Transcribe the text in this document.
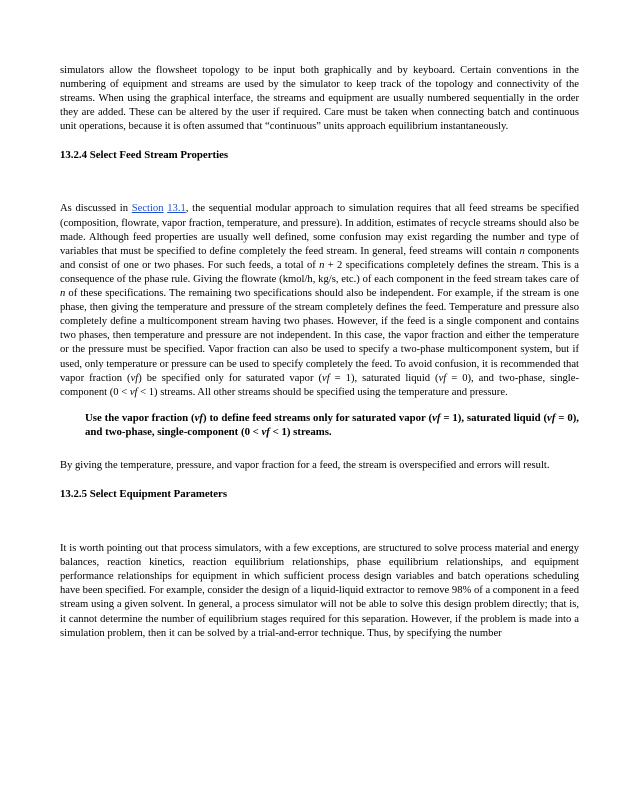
simulators allow the flowsheet topology to be input both graphically and by keyboard. Certain conventions in the numbering of equipment and streams are used by the simulator to keep track of the topology and connectivity of the streams. When using the graphical interface, the streams and equipment are usually numbered sequentially in the order they are added. These can be altered by the user if required. Care must be taken when connecting batch and continuous unit operations, because it is often assumed that “continuous” units approach equilibrium instantaneously.

13.2.4 Select Feed Stream Properties

As discussed in Section 13.1, the sequential modular approach to simulation requires that all feed streams be specified (composition, flowrate, vapor fraction, temperature, and pressure). In addition, estimates of recycle streams should also be made. Although feed properties are usually well defined, some confusion may exist regarding the number and type of variables that must be specified to define completely the feed stream. In general, feed streams will contain n components and consist of one or two phases. For such feeds, a total of n + 2 specifications completely defines the stream. This is a consequence of the phase rule. Giving the flowrate (kmol/h, kg/s, etc.) of each component in the feed stream takes care of n of these specifications. The remaining two specifications should also be independent. For example, if the stream is one phase, then giving the temperature and pressure of the stream completely defines the feed. Temperature and pressure also completely define a multicomponent stream having two phases. However, if the feed is a single component and contains two phases, then temperature and pressure are not independent. In this case, the vapor fraction and either the temperature or the pressure must be specified. Vapor fraction can also be used to specify a two-phase multicomponent system, but if used, only temperature or pressure can be used to specify completely the feed. To avoid confusion, it is recommended that vapor fraction (vf) be specified only for saturated vapor (vf = 1), saturated liquid (vf = 0), and two-phase, single-component (0 < vf < 1) streams. All other streams should be specified using the temperature and pressure.

Use the vapor fraction (vf) to define feed streams only for saturated vapor (vf = 1), saturated liquid (vf = 0), and two-phase, single-component (0 < vf < 1) streams.

By giving the temperature, pressure, and vapor fraction for a feed, the stream is overspecified and errors will result.

13.2.5 Select Equipment Parameters

It is worth pointing out that process simulators, with a few exceptions, are structured to solve process material and energy balances, reaction kinetics, reaction equilibrium relationships, phase equilibrium relationships, and equipment performance relationships for equipment in which sufficient process design variables and batch operations scheduling have been specified. For example, consider the design of a liquid-liquid extractor to remove 98% of a component in a feed stream using a given solvent. In general, a process simulator will not be able to solve this design problem directly; that is, it cannot determine the number of equilibrium stages required for this separation. However, if the problem is made into a simulation problem, then it can be solved by a trial-and-error technique. Thus, by specifying the number
